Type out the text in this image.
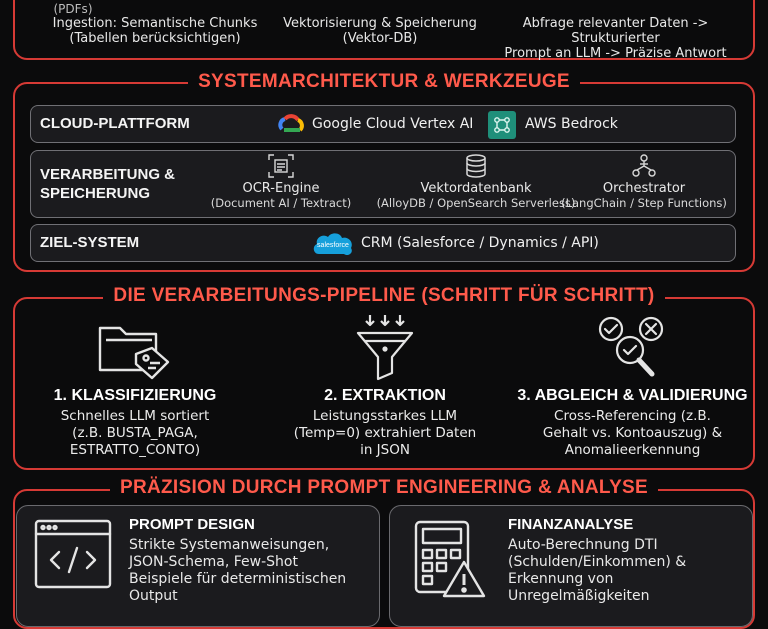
(PDFs)
Ingestion: Semantische Chunks
(Tabellen berücksichtigen)
Vektorisierung & Speicherung
(Vektor-DB)
Abfrage relevanter Daten -> Strukturierter
Prompt an LLM -> Präzise Antwort
SYSTEMARCHITEKTUR & WERKZEUGE
CLOUD-PLATTFORM	Google Cloud Vertex AI	AWS Bedrock
VERARBEITUNG &
SPEICHERUNG	OCR-Engine
(Document AI / Textract)
Vektordatenbank
(AlloyDB / OpenSearch Serverless)
Orchestrator
(LangChain / Step Functions)
ZIEL-SYSTEM	salesforce CRM (Salesforce / Dynamics / API)
DIE VERARBEITUNGS-PIPELINE (SCHRITT FÜR SCHRITT)
1. KLASSIFIZIERUNG
Schnelles LLM sortiert
(z.B. BUSTA_PAGA,
ESTRATTO_CONTO)
2. EXTRAKTION
Leistungsstarkes LLM
(Temp=0) extrahiert Daten
in JSON
3. ABGLEICH & VALIDIERUNG
Cross-Referencing (z.B.
Gehalt vs. Kontoauszug) &
Anomalieerkennung
PRÄZISION DURCH PROMPT ENGINEERING & ANALYSE
PROMPT DESIGN
Strikte Systemanweisungen,
JSON-Schema, Few-Shot
Beispiele für deterministischen
Output
FINANZANALYSE
Auto-Berechnung DTI
(Schulden/Einkommen) &
Erkennung von
Unregelmäßigkeiten
